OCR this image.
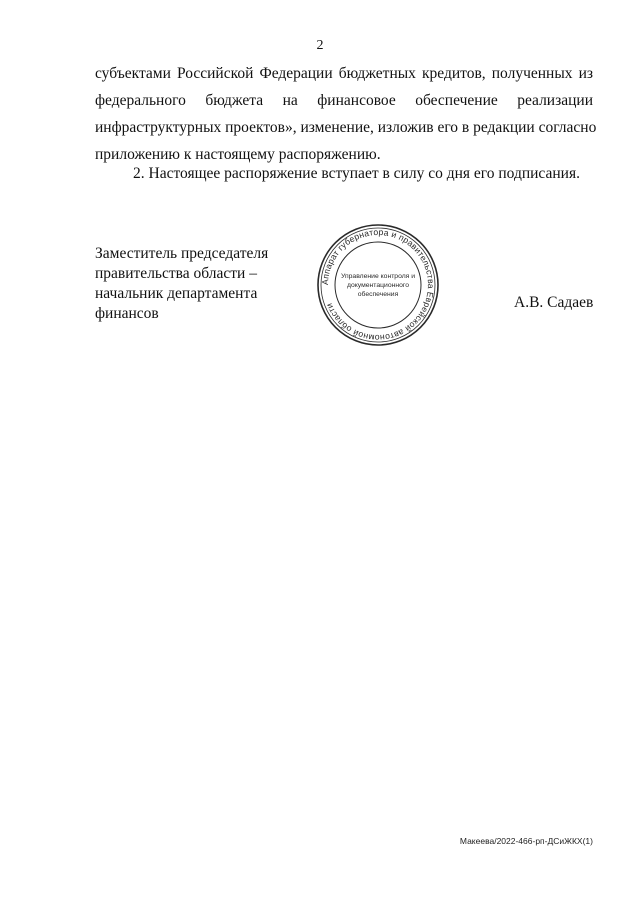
2
субъектами Российской Федерации бюджетных кредитов, полученных из
федерального бюджета на финансовое обеспечение реализации
инфраструктурных проектов», изменение, изложив его в редакции согласно
приложению к настоящему распоряжению.
2. Настоящее распоряжение вступает в силу со дня его подписания.
Заместитель председателя
правительства области –
начальник департамента
финансов
А.В. Садаев
Аппарат губернатора и правительства Еврейской автономной области
Управление контроля и
документационного
обеспечения
Макеева/2022-466-рп-ДСиЖКХ(1)
